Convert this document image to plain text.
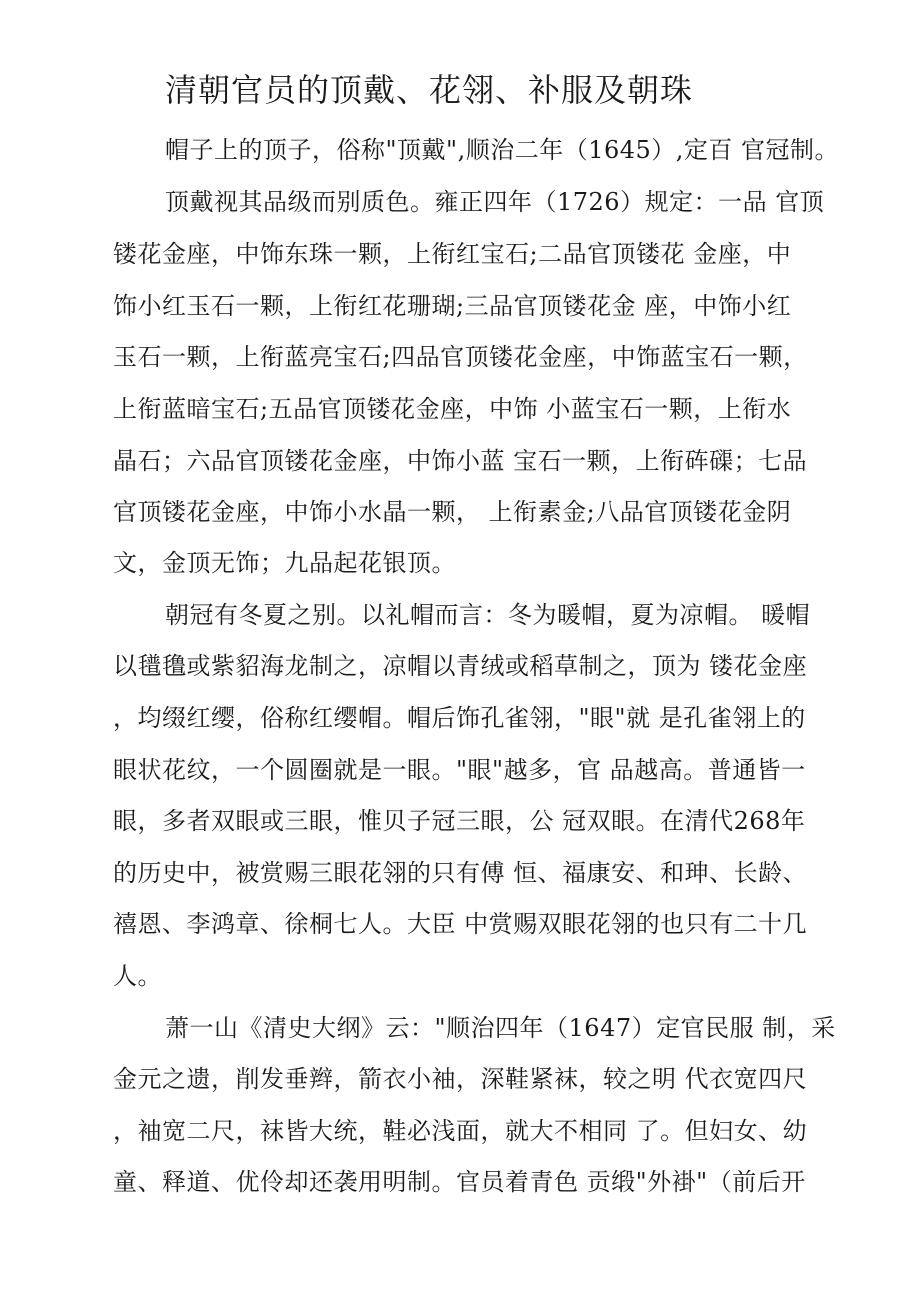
清朝官员的顶戴、花翎、补服及朝珠
帽子上的顶子，俗称"顶戴",顺治二年（1645）,定百 官冠制。
顶戴视其品级而别质色。雍正四年（1726）规定：一品 官顶
镂花金座，中饰东珠一颗，上衔红宝石;二品官顶镂花 金座，中
饰小红玉石一颗，上衔红花珊瑚;三品官顶镂花金 座，中饰小红
玉石一颗，上衔蓝亮宝石;四品官顶镂花金座，中饰蓝宝石一颗，
上衔蓝暗宝石;五品官顶镂花金座，中饰 小蓝宝石一颗，上衔水
晶石；六品官顶镂花金座，中饰小蓝 宝石一颗，上衔砗磲；七品
官顶镂花金座，中饰小水晶一颗， 上衔素金;八品官顶镂花金阴
文，金顶无饰；九品起花银顶。
朝冠有冬夏之别。以礼帽而言：冬为暖帽，夏为凉帽。 暖帽
以氆氇或紫貂海龙制之，凉帽以青绒或稻草制之，顶为 镂花金座
，均缀红缨，俗称红缨帽。帽后饰孔雀翎，"眼"就 是孔雀翎上的
眼状花纹，一个圆圈就是一眼。"眼"越多，官 品越高。普通皆一
眼，多者双眼或三眼，惟贝子冠三眼，公 冠双眼。在清代268年
的历史中，被赏赐三眼花翎的只有傅 恒、福康安、和珅、长龄、
禧恩、李鸿章、徐桐七人。大臣 中赏赐双眼花翎的也只有二十几
人。
萧一山《清史大纲》云："顺治四年（1647）定官民服 制，采
金元之遗，削发垂辫，箭衣小袖，深鞋紧袜，较之明 代衣宽四尺
，袖宽二尺，袜皆大统，鞋必浅面，就大不相同 了。但妇女、幼
童、释道、优伶却还袭用明制。官员着青色 贡缎"外褂"（前后开
